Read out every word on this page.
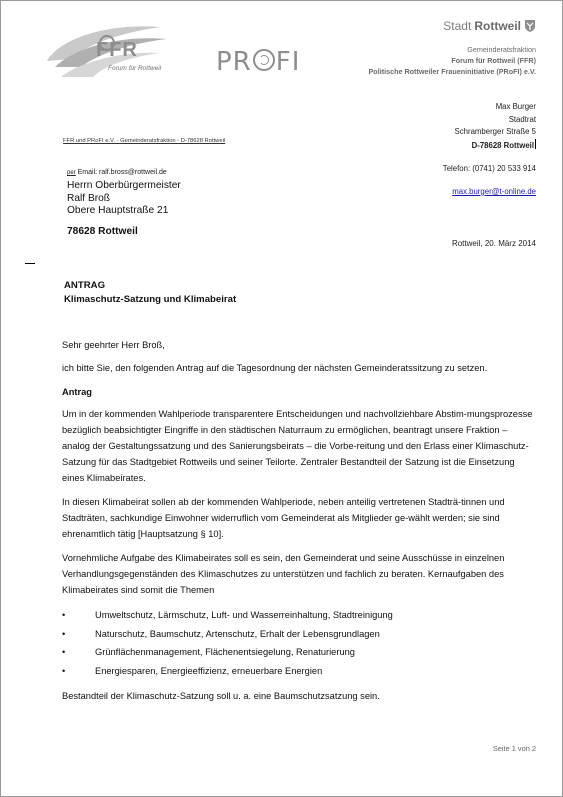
FFR
Forum für Rottweil PR FI
Stadt Rottweil
Gemeinderatsfraktion
Forum für Rottweil (FFR)
Politische Rottweiler Fraueninitiative (PRoFI) e.V.
Max Burger
Stadtrat
Schramberger Straße 5
D-78628 Rottweil
Telefon: (0741) 20 533 914
max.burger@t-online.de
FFR und PRoFI e.V. - Gemeinderatsfraktion - D-78628 Rottweil
per Email: ralf.bross@rottweil.de
Herrn Oberbürgermeister
Ralf Broß
Obere Hauptstraße 21
78628 Rottweil
Rottweil, 20. März 2014
ANTRAG
Klimaschutz-Satzung und Klimabeirat

Sehr geehrter Herr Broß,

ich bitte Sie, den folgenden Antrag auf die Tagesordnung der nächsten Gemeinderatssitzung zu setzen.

Antrag

Um in der kommenden Wahlperiode transparentere Entscheidungen und nachvollziehbare Abstim-mungsprozesse bezüglich beabsichtigter Eingriffe in den städtischen Naturraum zu ermöglichen, beantragt unsere Fraktion – analog der Gestaltungssatzung und des Sanierungsbeirats – die Vorbe-reitung und den Erlass einer Klimaschutz-Satzung für das Stadtgebiet Rottweils und seiner Teilorte. Zentraler Bestandteil der Satzung ist die Einsetzung eines Klimabeirates.

In diesen Klimabeirat sollen ab der kommenden Wahlperiode, neben anteilig vertretenen Stadträ-tinnen und Stadträten, sachkundige Einwohner widerruflich vom Gemeinderat als Mitglieder ge-wählt werden; sie sind ehrenamtlich tätig [Hauptsatzung § 10].

Vornehmliche Aufgabe des Klimabeirates soll es sein, den Gemeinderat und seine Ausschüsse in einzelnen Verhandlungsgegenständen des Klimaschutzes zu unterstützen und fachlich zu beraten. Kernaufgaben des Klimabeirates sind somit die Themen

•	Umweltschutz, Lärmschutz, Luft- und Wasserreinhaltung, Stadtreinigung
•	Naturschutz, Baumschutz, Artenschutz, Erhalt der Lebensgrundlagen
•	Grünflächenmanagement, Flächenentsiegelung, Renaturierung
•	Energiesparen, Energieeffizienz, erneuerbare Energien

Bestandteil der Klimaschutz-Satzung soll u. a. eine Baumschutzsatzung sein.

Seite 1 von 2
